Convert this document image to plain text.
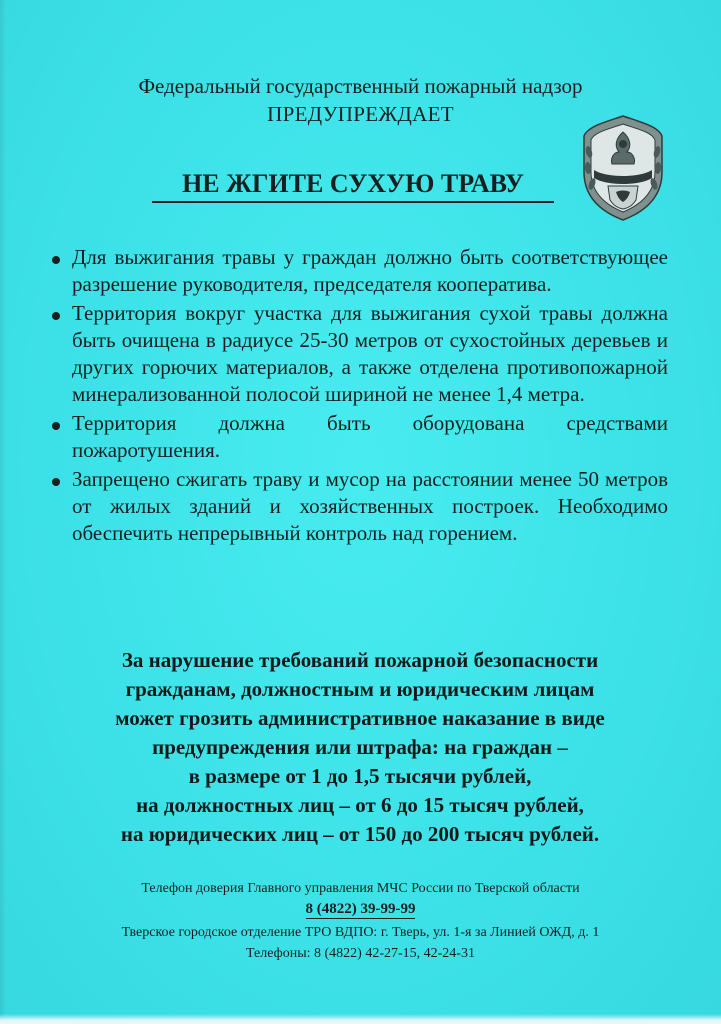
Федеральный государственный пожарный надзор
ПРЕДУПРЕЖДАЕТ
НЕ ЖГИТЕ СУХУЮ ТРАВУ
Для выжигания травы у граждан должно быть соответствующее разрешение руководителя, председателя кооператива.
Территория вокруг участка для выжигания сухой травы должна быть очищена в радиусе 25-30 метров от сухостойных деревьев и других горючих материалов, а также отделена противопожарной минерализованной полосой шириной не менее 1,4 метра.
Территория должна быть оборудована средствами пожаротушения.
Запрещено сжигать траву и мусор на расстоянии менее 50 метров от жилых зданий и хозяйственных построек. Необходимо обеспечить непрерывный контроль над горением.
За нарушение требований пожарной безопасности
гражданам, должностным и юридическим лицам
может грозить административное наказание в виде
предупреждения или штрафа: на граждан –
в размере от 1 до 1,5 тысячи рублей,
на должностных лиц – от 6 до 15 тысяч рублей,
на юридических лиц – от 150 до 200 тысяч рублей.
Телефон доверия Главного управления МЧС России по Тверской области
8 (4822) 39-99-99
Тверское городское отделение ТРО ВДПО: г. Тверь, ул. 1-я за Линией ОЖД, д. 1
Телефоны: 8 (4822) 42-27-15, 42-24-31
